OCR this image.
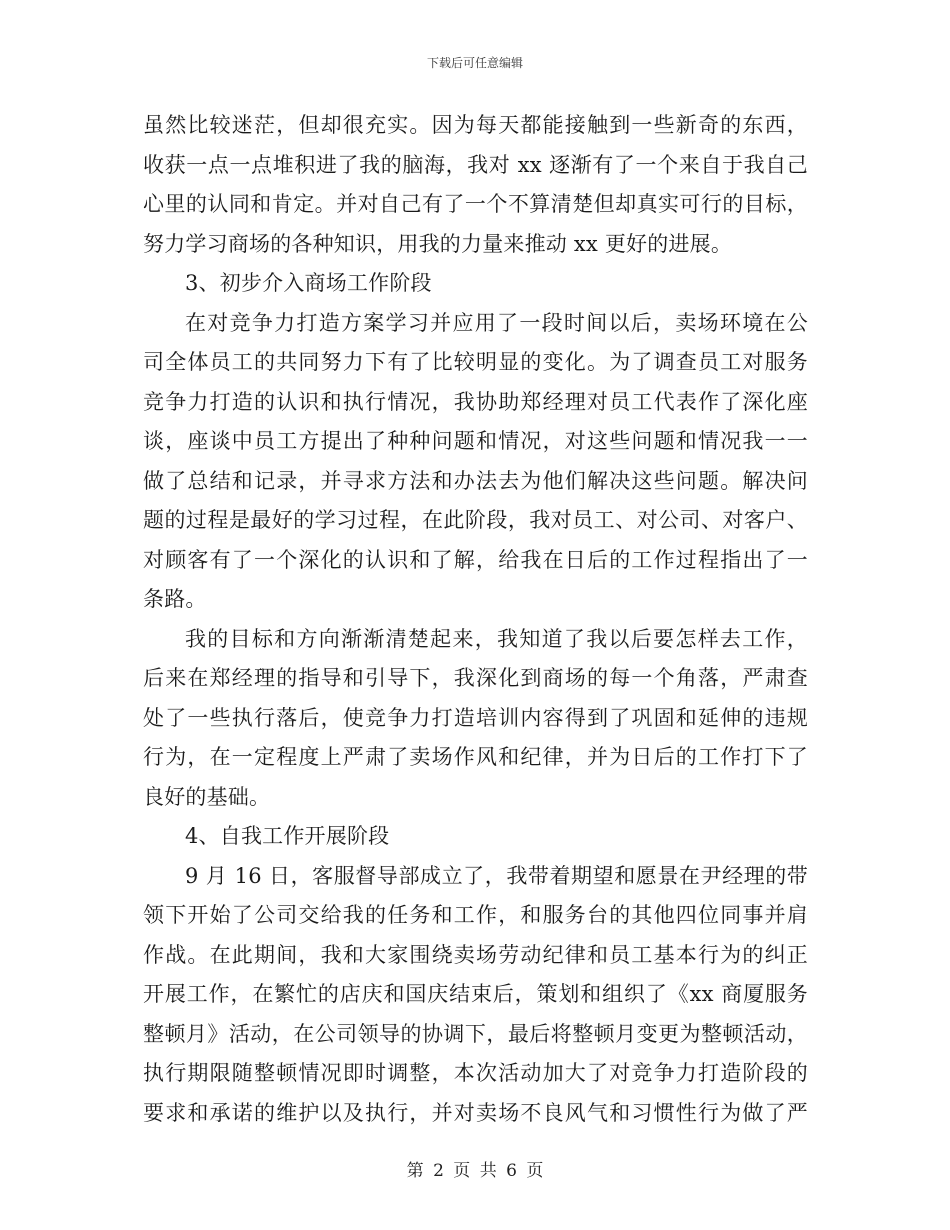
下载后可任意编辑
虽然比较迷茫，但却很充实。因为每天都能接触到一些新奇的东西，
收获一点一点堆积进了我的脑海，我对 xx 逐渐有了一个来自于我自己
心里的认同和肯定。并对自己有了一个不算清楚但却真实可行的目标，
努力学习商场的各种知识，用我的力量来推动 xx 更好的进展。
3、初步介入商场工作阶段
在对竞争力打造方案学习并应用了一段时间以后，卖场环境在公
司全体员工的共同努力下有了比较明显的变化。为了调查员工对服务
竞争力打造的认识和执行情况，我协助郑经理对员工代表作了深化座
谈，座谈中员工方提出了种种问题和情况，对这些问题和情况我一一
做了总结和记录，并寻求方法和办法去为他们解决这些问题。解决问
题的过程是最好的学习过程，在此阶段，我对员工、对公司、对客户、
对顾客有了一个深化的认识和了解，给我在日后的工作过程指出了一
条路。
我的目标和方向渐渐清楚起来，我知道了我以后要怎样去工作，
后来在郑经理的指导和引导下，我深化到商场的每一个角落，严肃查
处了一些执行落后，使竞争力打造培训内容得到了巩固和延伸的违规
行为，在一定程度上严肃了卖场作风和纪律，并为日后的工作打下了
良好的基础。
4、自我工作开展阶段
9 月 16 日，客服督导部成立了，我带着期望和愿景在尹经理的带
领下开始了公司交给我的任务和工作，和服务台的其他四位同事并肩
作战。在此期间，我和大家围绕卖场劳动纪律和员工基本行为的纠正
开展工作，在繁忙的店庆和国庆结束后，策划和组织了《xx 商厦服务
整顿月》活动，在公司领导的协调下，最后将整顿月变更为整顿活动，
执行期限随整顿情况即时调整，本次活动加大了对竞争力打造阶段的
要求和承诺的维护以及执行，并对卖场不良风气和习惯性行为做了严
第 2 页 共 6 页
